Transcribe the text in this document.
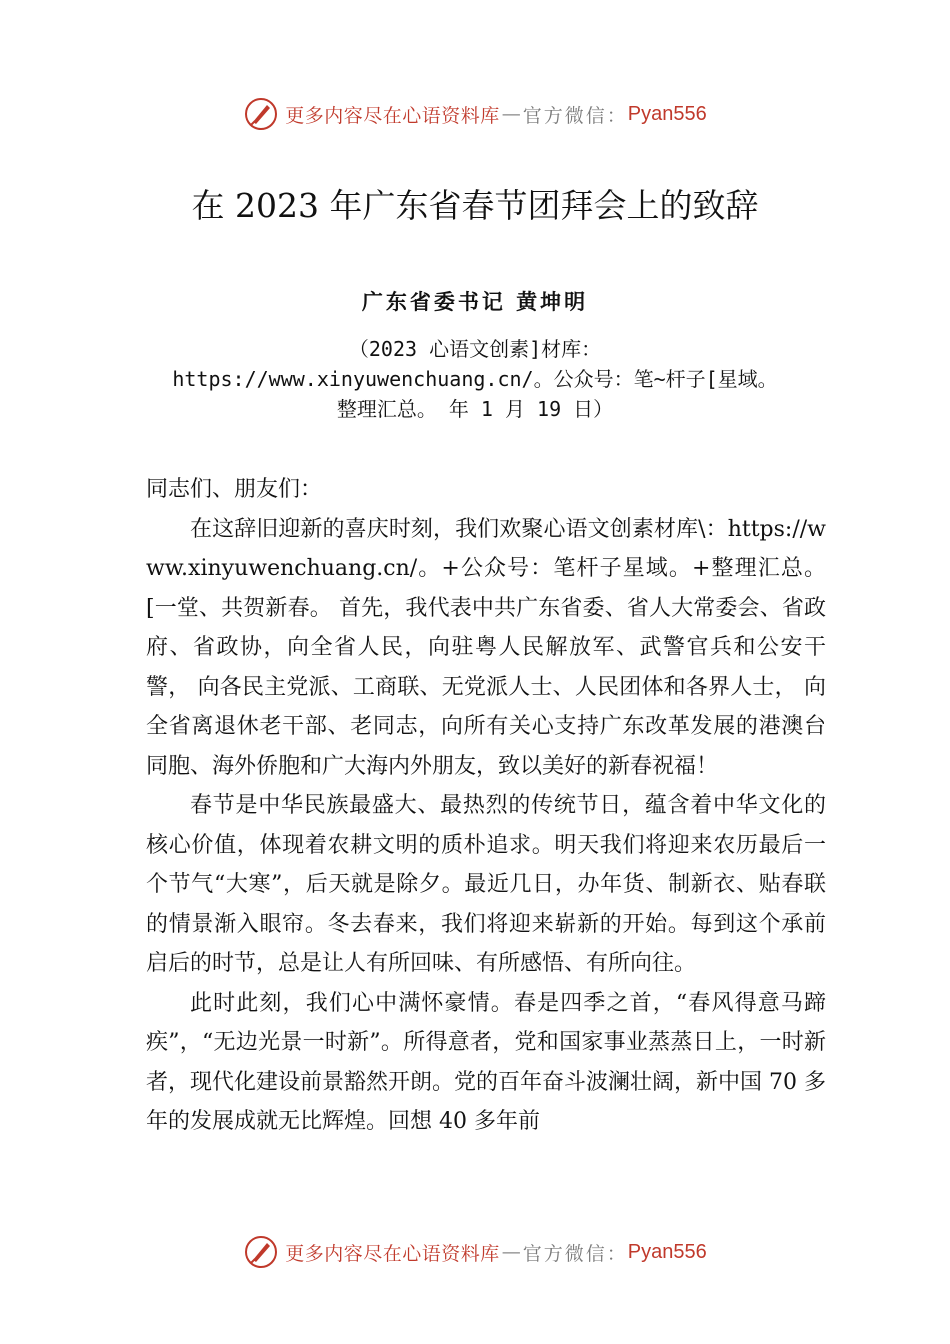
更多内容尽在心语资料库 — 官方微信： Pyan556
在 2023 年广东省春节团拜会上的致辞
广东省委书记 黄坤明
（2023 心语文创素]材库：https://www.xinyuwenchuang.cn/。公众号：笔~杆子[星域。整理汇总。 年 1 月 19 日）

同志们、朋友们：

在这辞旧迎新的喜庆时刻，我们欢聚心语文创素材库\：https://www.xinyuwenchuang.cn/。+公众号：笔杆子星域。+整理汇总。[一堂、共贺新春。 首先，我代表中共广东省委、省人大常委会、省政府、省政协，向全省人民，向驻粤人民解放军、武警官兵和公安干警， 向各民主党派、工商联、无党派人士、人民团体和各界人士， 向全省离退休老干部、老同志，向所有关心支持广东改革发展的港澳台同胞、海外侨胞和广大海内外朋友，致以美好的新春祝福！

春节是中华民族最盛大、最热烈的传统节日，蕴含着中华文化的核心价值，体现着农耕文明的质朴追求。明天我们将迎来农历最后一个节气“大寒”，后天就是除夕。最近几日，办年货、制新衣、贴春联的情景渐入眼帘。冬去春来，我们将迎来崭新的开始。每到这个承前启后的时节，总是让人有所回味、有所感悟、有所向往。

此时此刻，我们心中满怀豪情。春是四季之首，“春风得意马蹄疾”，“无边光景一时新”。所得意者，党和国家事业蒸蒸日上，一时新者，现代化建设前景豁然开朗。党的百年奋斗波澜壮阔，新中国 70 多年的发展成就无比辉煌。回想 40 多年前

更多内容尽在心语资料库 — 官方微信： Pyan556
